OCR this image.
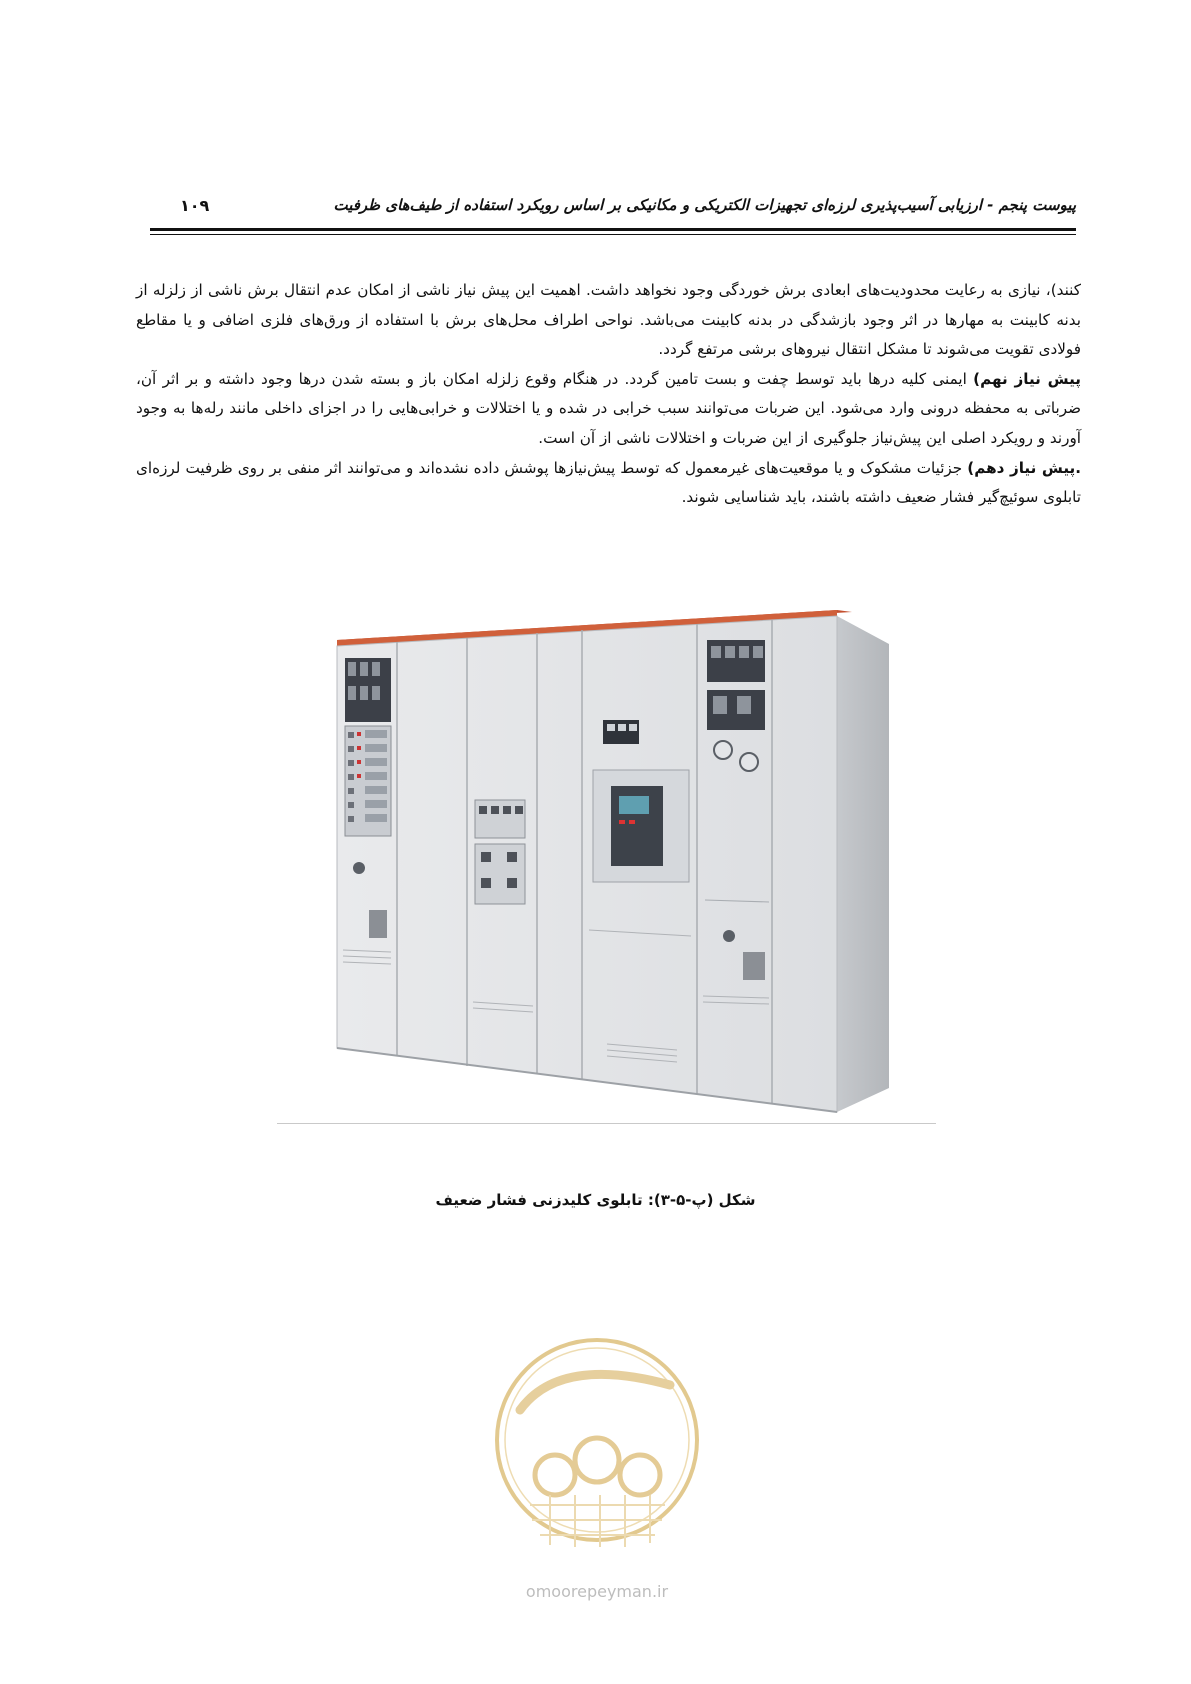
پیوست پنجم - ارزیابی آسیب‌پذیری لرزه‌ای تجهیزات الکتریکی و مکانیکی بر اساس رویکرد استفاده از طیف‌های ظرفیت
۱۰۹

کنند)، نیازی به رعایت محدودیت‌های ابعادی برش خوردگی وجود نخواهد داشت. اهمیت این پیش نیاز ناشی از امکان عدم انتقال برش ناشی از زلزله از بدنه کابینت به مهارها در اثر وجود بازشدگی در بدنه کابینت می‌باشد. نواحی اطراف محل‌های برش با استفاده از ورق‌های فلزی اضافی و یا مقاطع فولادی تقویت می‌شوند تا مشکل انتقال نیروهای برشی مرتفع گردد.

پیش نیاز نهم) ایمنی کلیه درها باید توسط چفت و بست تامین گردد. در هنگام وقوع زلزله امکان باز و بسته شدن درها وجود داشته و بر اثر آن، ضرباتی به محفظه درونی وارد می‌شود. این ضربات می‌توانند سبب خرابی در شده و یا اختلالات و خرابی‌هایی را در اجزای داخلی مانند رله‌ها به وجود آورند و رویکرد اصلی این پیش‌نیاز جلوگیری از این ضربات و اختلالات ناشی از آن است.

.پیش نیاز دهم) جزئیات مشکوک و یا موقعیت‌های غیرمعمول که توسط پیش‌نیازها پوشش داده نشده‌اند و می‌توانند اثر منفی بر روی ظرفیت لرزه‌ای تابلوی سوئیچ‌گیر فشار ضعیف داشته باشند، باید شناسایی شوند.

شکل (پ-۵-۳): تابلوی کلیدزنی فشار ضعیف
omoorepeyman.ir
